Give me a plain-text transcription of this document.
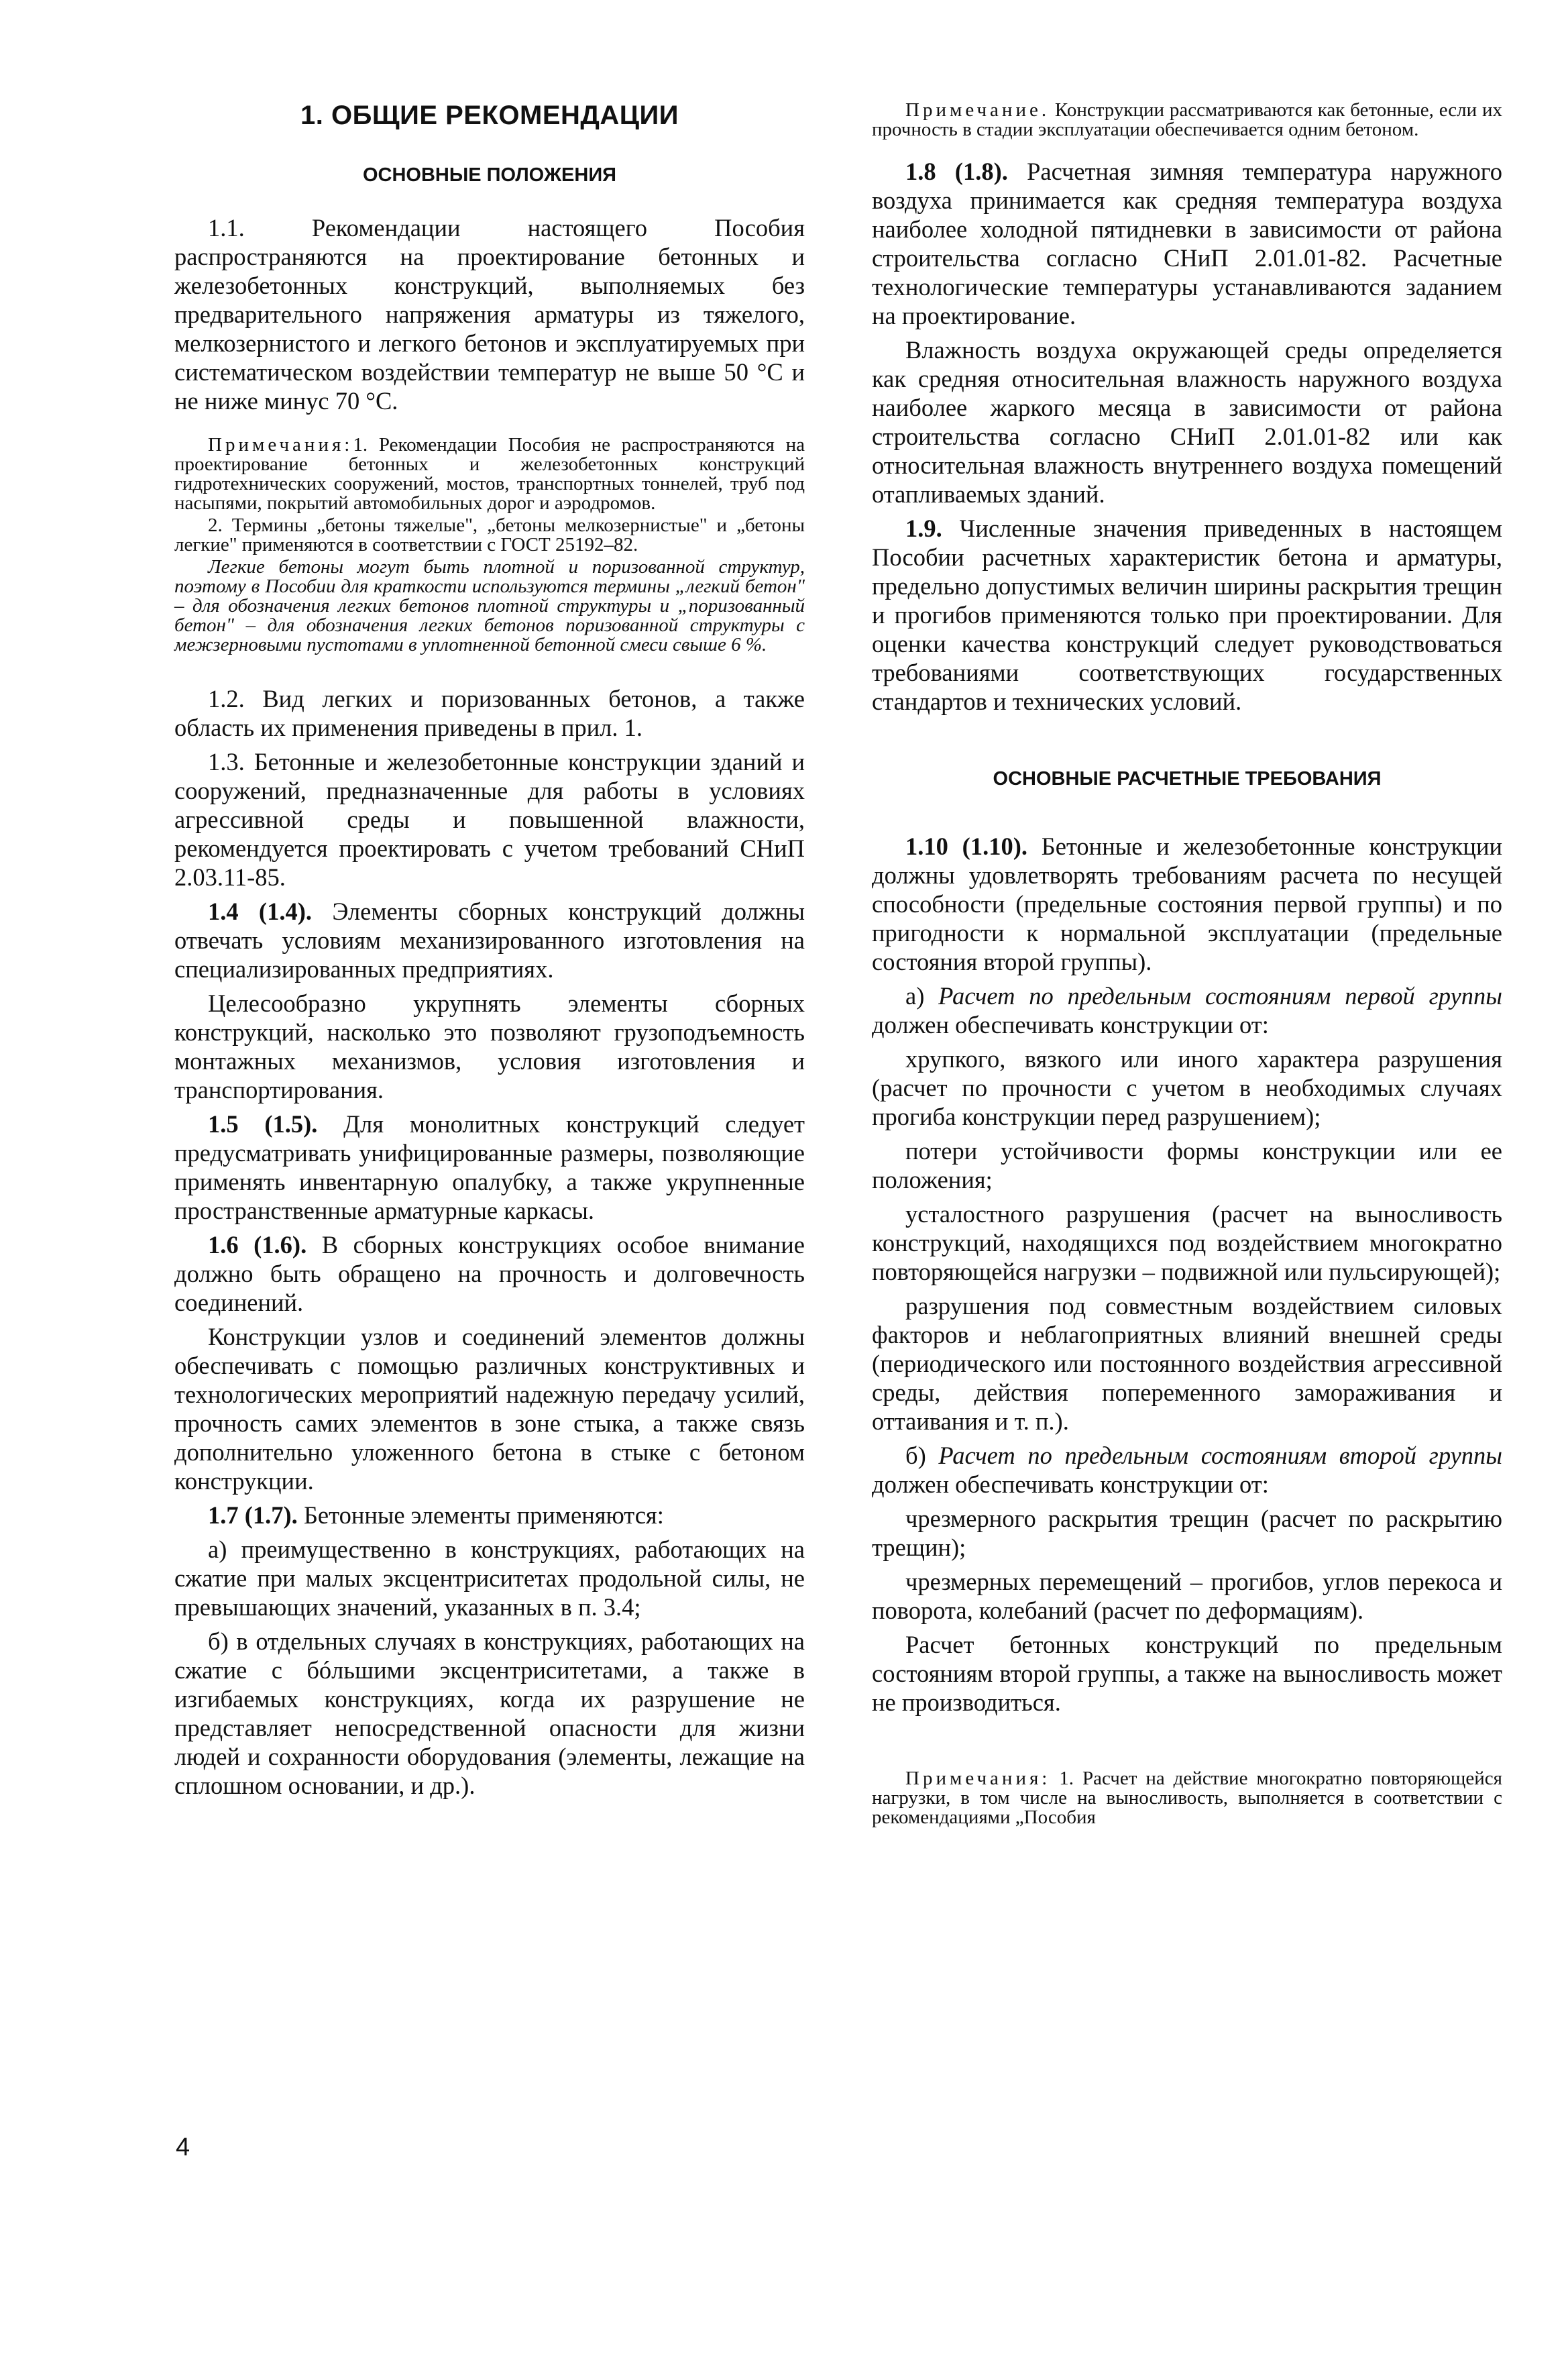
1. ОБЩИЕ РЕКОМЕНДАЦИИ
ОСНОВНЫЕ ПОЛОЖЕНИЯ

1.1.	Рекомендации настоящего Пособия распространяются на проектирование бетонных и железобетонных конструкций, выполняемых без предварительного напряжения арматуры из тяжелого, мелкозернистого и легкого бетонов и эксплуатируемых при систематическом воздействии температур не выше 50 °С и не ниже минус 70 °С.

Примечания:1. Рекомендации Пособия не распространяются на проектирование бетонных и железобетонных конструкций гидротехнических сооружений, мостов, транспортных тоннелей, труб под насыпями, покрытий автомобильных дорог и аэродромов.

2. Термины „бетоны тяжелые", „бетоны мелкозернистые" и „бетоны легкие" применяются в соответствии с ГОСТ 25192–82.

Легкие бетоны могут быть плотной и поризованной структур, поэтому в Пособии для краткости используются термины „легкий бетон" – для обозначения легких бетонов плотной структуры и „поризованный бетон" – для обозначения легких бетонов поризованной структуры с межзерновыми пустотами в уплотненной бетонной смеси свыше 6 %.

1.2. Вид легких и поризованных бетонов, а также область их применения приведены в прил. 1.

1.3. Бетонные и железобетонные конструкции зданий и сооружений, предназначенные для работы в условиях агрессивной среды и повышенной влажности, рекомендуется проектировать с учетом требований СНиП 2.03.11-85.

1.4 (1.4). Элементы сборных конструкций должны отвечать условиям механизированного изготовления на специализированных предприятиях.

Целесообразно укрупнять элементы сборных конструкций, насколько это позволяют грузоподъемность монтажных механизмов, условия изготовления и транспортирования.

1.5 (1.5). Для монолитных конструкций следует предусматривать унифицированные размеры, позволяющие применять инвентарную опалубку, а также укрупненные пространственные арматурные каркасы.

1.6 (1.6). В сборных конструкциях особое внимание должно быть обращено на прочность и долговечность соединений.

Конструкции узлов и соединений элементов должны обеспечивать с помощью различных конструктивных и технологических мероприятий надежную передачу усилий, прочность самих элементов в зоне стыка, а также связь дополнительно уложенного бетона в стыке с бетоном конструкции.

1.7 (1.7). Бетонные элементы применяются:

а) преимущественно в конструкциях, работающих на сжатие при малых эксцентриситетах продольной силы, не превышающих значений, указанных в п. 3.4;

б) в отдельных случаях в конструкциях, работающих на сжатие с бóльшими эксцентриситетами, а также в изгибаемых конструкциях, когда их разрушение не представляет непосредственной опасности для жизни людей и сохранности оборудования (элементы, лежащие на сплошном основании, и др.).

Примечание. Конструкции рассматриваются как бетонные, если их прочность в стадии эксплуатации обеспечивается одним бетоном.

1.8 (1.8). Расчетная зимняя температура наружного воздуха принимается как средняя температура воздуха наиболее холодной пятидневки в зависимости от района строительства согласно СНиП 2.01.01-82. Расчетные технологические температуры устанавливаются заданием на проектирование.

Влажность воздуха окружающей среды определяется как средняя относительная влажность наружного воздуха наиболее жаркого месяца в зависимости от района строительства согласно СНиП 2.01.01-82 или как относительная влажность внутреннего воздуха помещений отапливаемых зданий.

1.9. Численные значения приведенных в настоящем Пособии расчетных характеристик бетона и арматуры, предельно допустимых величин ширины раскрытия трещин и прогибов применяются только при проектировании. Для оценки качества конструкций следует руководствоваться требованиями соответствующих государственных стандартов и технических условий.

ОСНОВНЫЕ РАСЧЕТНЫЕ ТРЕБОВАНИЯ

1.10 (1.10). Бетонные и железобетонные конструкции должны удовлетворять требованиям расчета по несущей способности (предельные состояния первой группы) и по пригодности к нормальной эксплуатации (предельные состояния второй группы).

а) Расчет по предельным состояниям первой группы должен обеспечивать конструкции от:

хрупкого, вязкого или иного характера разрушения (расчет по прочности с учетом в необходимых случаях прогиба конструкции перед разрушением);

потери устойчивости формы конструкции или ее положения;

усталостного разрушения (расчет на выносливость конструкций, находящихся под воздействием многократно повторяющейся нагрузки – подвижной или пульсирующей);

разрушения под совместным воздействием силовых факторов и неблагоприятных влияний внешней среды (периодического или постоянного воздействия агрессивной среды, действия попеременного замораживания и оттаивания и т. п.).

б) Расчет по предельным состояниям второй группы должен обеспечивать конструкции от:

чрезмерного раскрытия трещин (расчет по раскрытию трещин);

чрезмерных перемещений – прогибов, углов перекоса и поворота, колебаний (расчет по деформациям).

Расчет бетонных конструкций по предельным состояниям второй группы, а также на выносливость может не производиться.

Примечания: 1. Расчет на действие многократно повторяющейся нагрузки, в том числе на выносливость, выполняется в соответствии с рекомендациями „Пособия

4
